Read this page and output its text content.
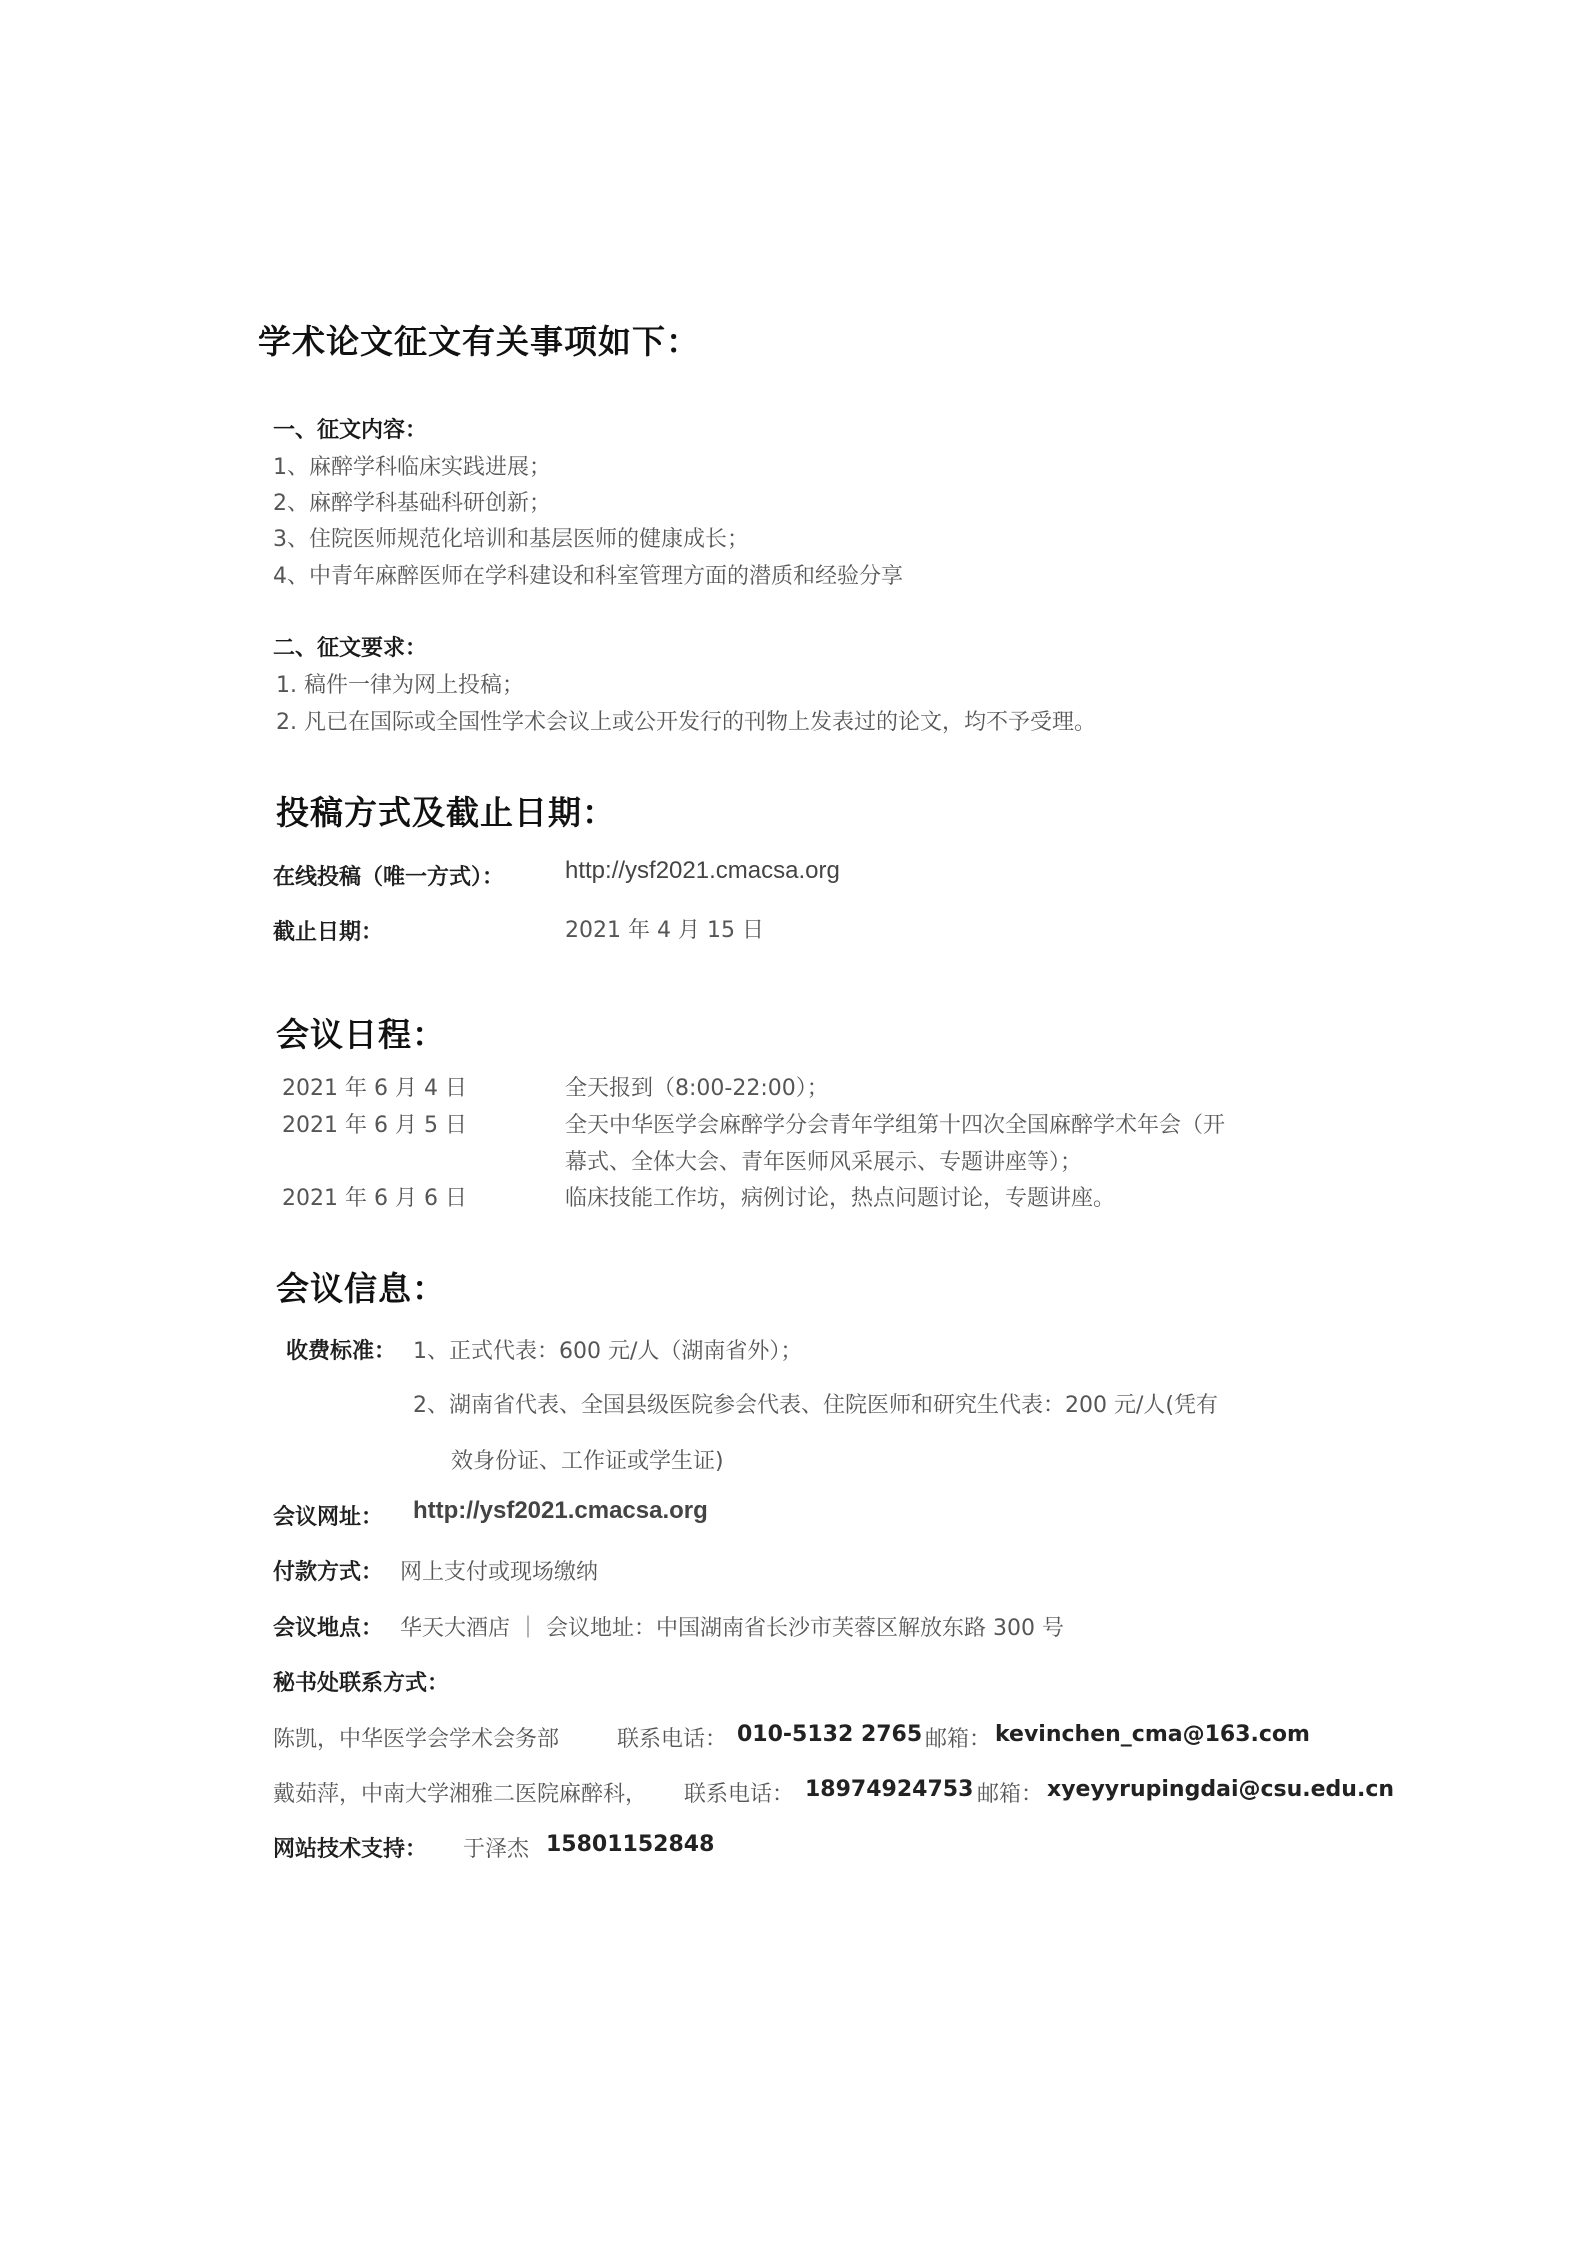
学术论文征文有关事项如下：
一、征文内容：
1、麻醉学科临床实践进展；
2、麻醉学科基础科研创新；
3、住院医师规范化培训和基层医师的健康成长；
4、中青年麻醉医师在学科建设和科室管理方面的潜质和经验分享
二、征文要求：
1. 稿件一律为网上投稿；
2. 凡已在国际或全国性学术会议上或公开发行的刊物上发表过的论文，均不予受理。
投稿方式及截止日期：
在线投稿（唯一方式）：	http://ysf2021.cmacsa.org
截止日期：	2021 年 4 月 15 日
会议日程：
2021 年 6 月 4 日	全天报到（8:00-22:00）；
2021 年 6 月 5 日	全天中华医学会麻醉学分会青年学组第十四次全国麻醉学术年会（开
幕式、全体大会、青年医师风采展示、专题讲座等）；
2021 年 6 月 6 日	临床技能工作坊，病例讨论，热点问题讨论，专题讲座。
会议信息：
收费标准： 1、正式代表：600 元/人（湖南省外）；
2、湖南省代表、全国县级医院参会代表、住院医师和研究生代表：200 元/人(凭有
效身份证、工作证或学生证)
会议网址： http://ysf2021.cmacsa.org
付款方式： 网上支付或现场缴纳
会议地点： 华天大酒店 ｜ 会议地址：中国湖南省长沙市芙蓉区解放东路 300 号
秘书处联系方式：
陈凯，中华医学会学术会务部	联系电话： 010-5132 2765 邮箱： kevinchen_cma@163.com
戴茹萍，中南大学湘雅二医院麻醉科， 联系电话： 18974924753 邮箱： xyeyyrupingdai@csu.edu.cn
网站技术支持： 于泽杰 15801152848
